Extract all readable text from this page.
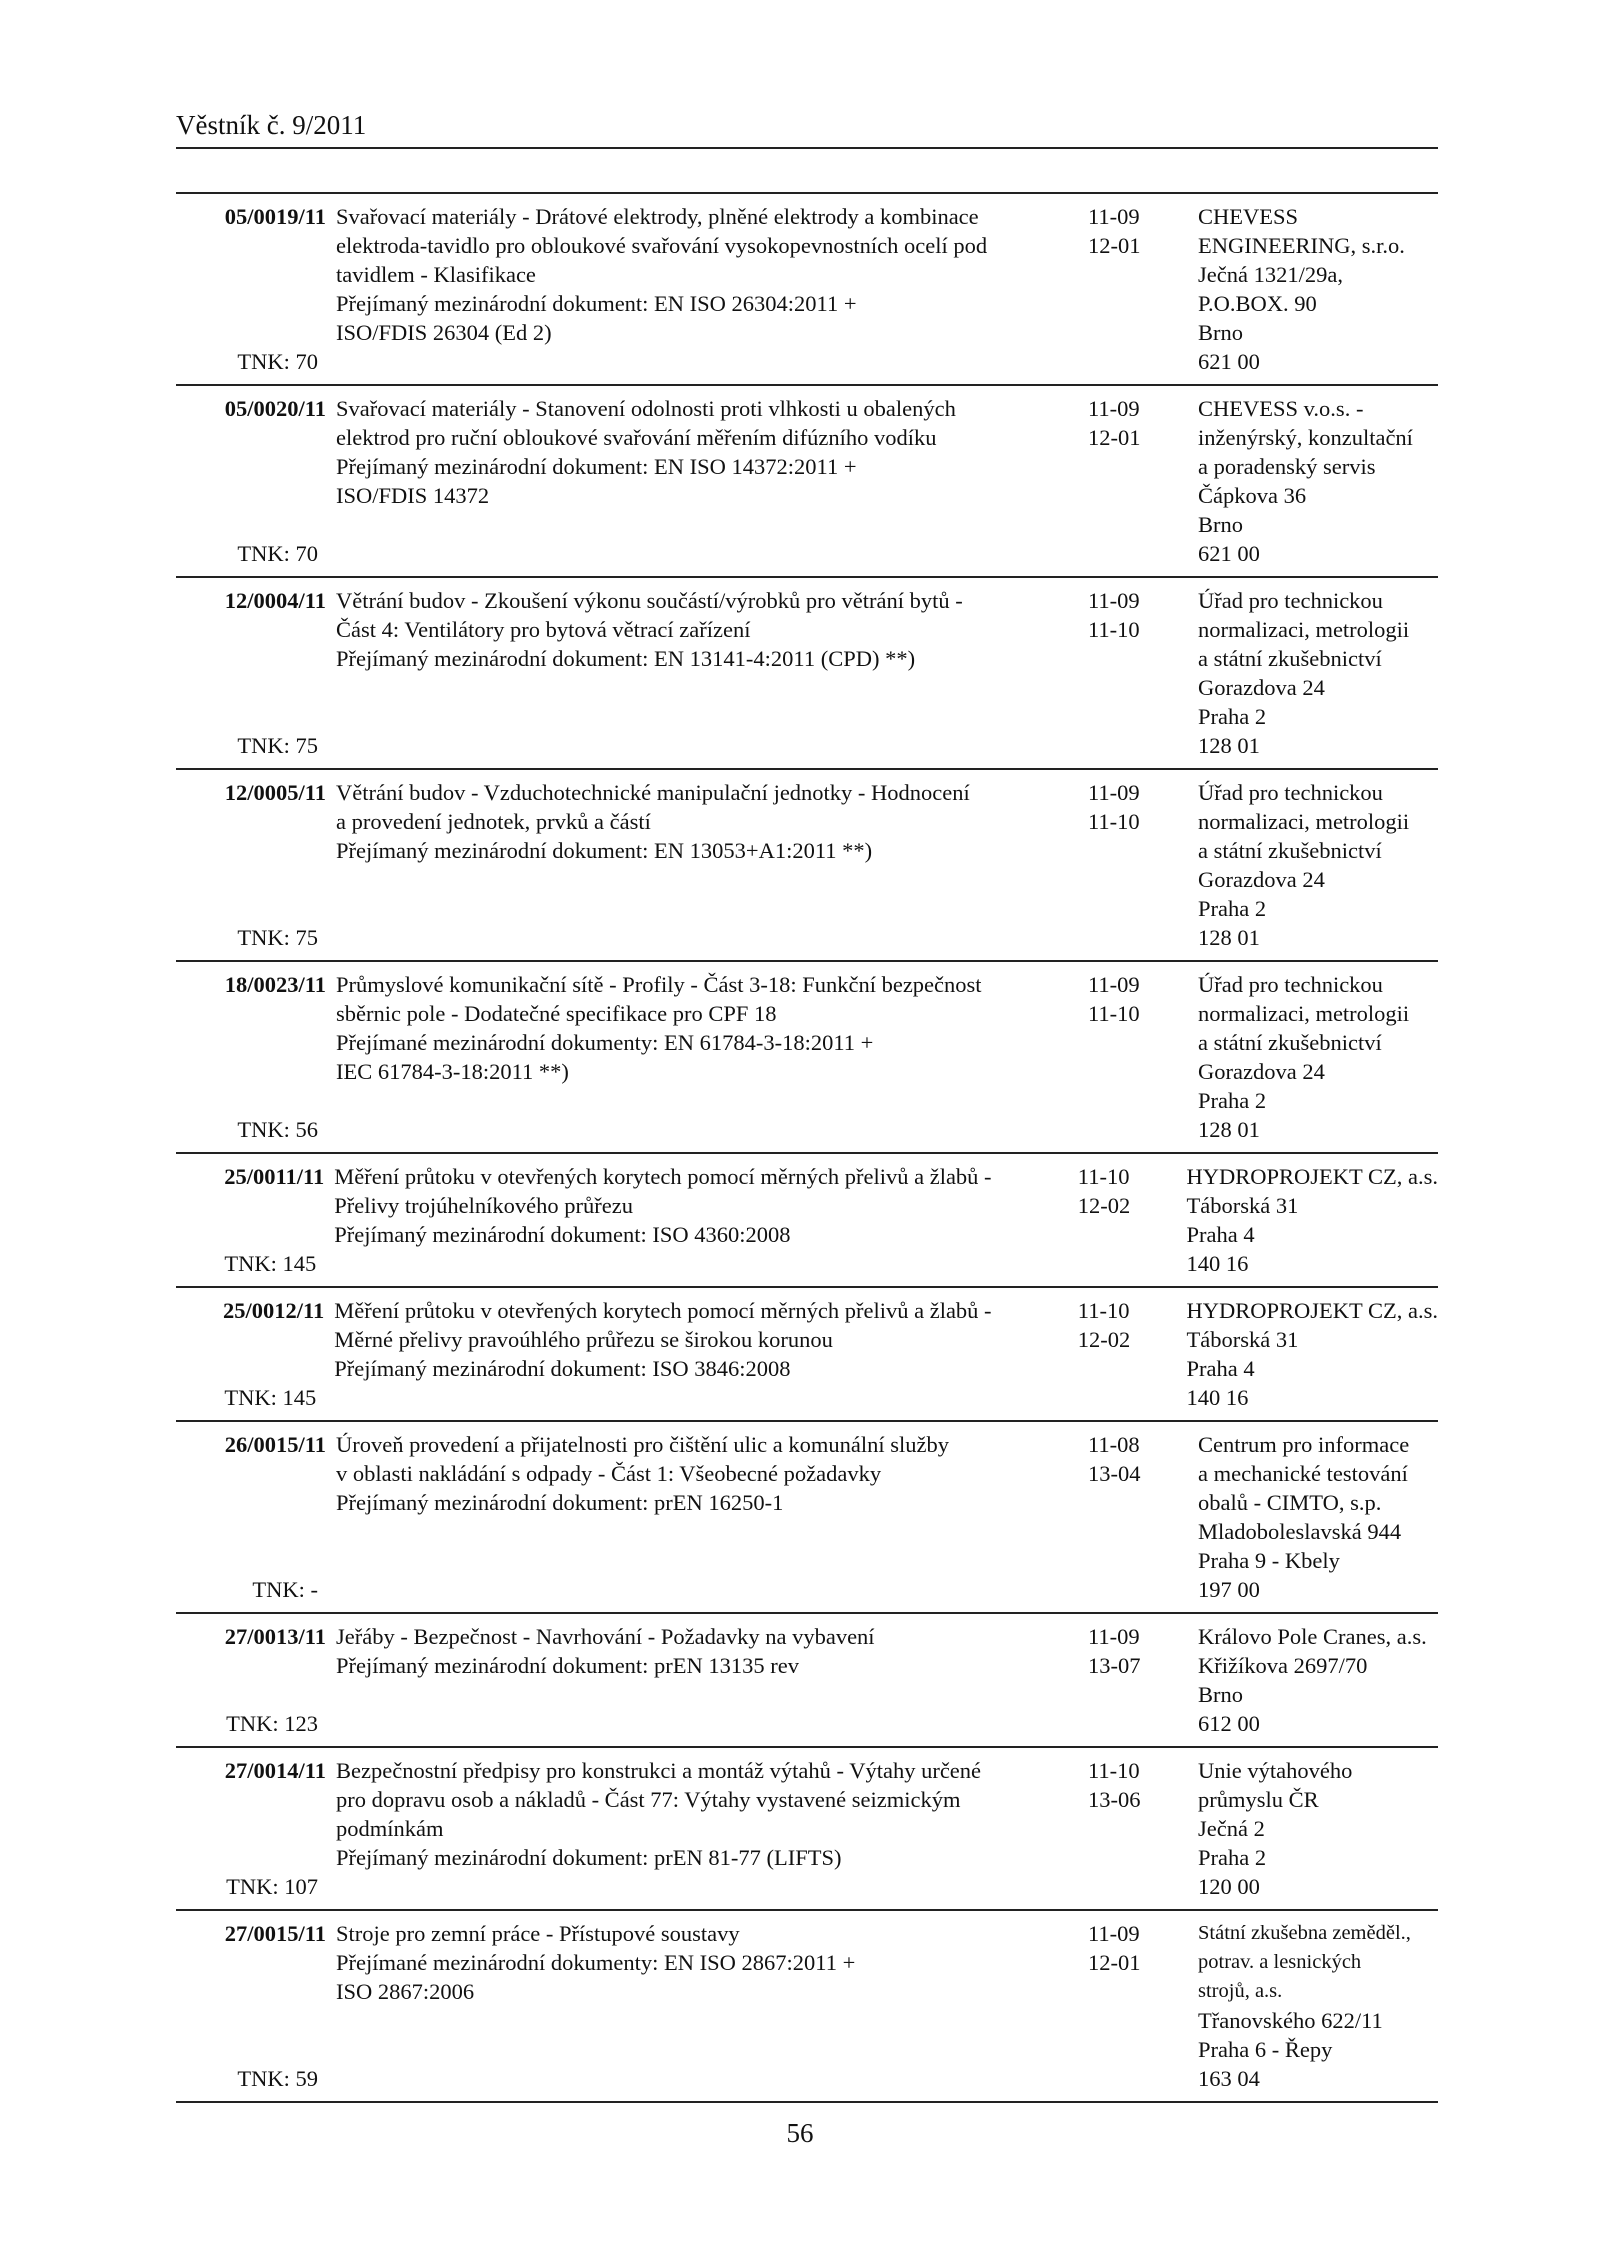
Věstník č. 9/2011
05/0019/11
TNK: 70
Svařovací materiály - Drátové elektrody, plněné elektrody a kombinace
elektroda-tavidlo pro obloukové svařování vysokopevnostních ocelí pod
tavidlem - Klasifikace
Přejímaný mezinárodní dokument: EN ISO 26304:2011 +
ISO/FDIS 26304 (Ed 2)
11-09
12-01
CHEVESS
ENGINEERING, s.r.o.
Ječná 1321/29a,
P.O.BOX. 90
Brno
621 00
05/0020/11
TNK: 70
Svařovací materiály - Stanovení odolnosti proti vlhkosti u obalených
elektrod pro ruční obloukové svařování měřením difúzního vodíku
Přejímaný mezinárodní dokument: EN ISO 14372:2011 +
ISO/FDIS 14372
11-09
12-01
CHEVESS v.o.s. -
inženýrský, konzultační
a poradenský servis
Čápkova 36
Brno
621 00
12/0004/11
TNK: 75
Větrání budov - Zkoušení výkonu součástí/výrobků pro větrání bytů -
Část 4: Ventilátory pro bytová větrací zařízení
Přejímaný mezinárodní dokument: EN 13141-4:2011 (CPD) **)
11-09
11-10
Úřad pro technickou
normalizaci, metrologii
a státní zkušebnictví
Gorazdova 24
Praha 2
128 01
12/0005/11
TNK: 75
Větrání budov - Vzduchotechnické manipulační jednotky - Hodnocení
a provedení jednotek, prvků a částí
Přejímaný mezinárodní dokument: EN 13053+A1:2011 **)
11-09
11-10
Úřad pro technickou
normalizaci, metrologii
a státní zkušebnictví
Gorazdova 24
Praha 2
128 01
18/0023/11
TNK: 56
Průmyslové komunikační sítě - Profily - Část 3-18: Funkční bezpečnost
sběrnic pole - Dodatečné specifikace pro CPF 18
Přejímané mezinárodní dokumenty: EN 61784-3-18:2011 +
IEC 61784-3-18:2011 **)
11-09
11-10
Úřad pro technickou
normalizaci, metrologii
a státní zkušebnictví
Gorazdova 24
Praha 2
128 01
25/0011/11
TNK: 145
Měření průtoku v otevřených korytech pomocí měrných přelivů a žlabů -
Přelivy trojúhelníkového průřezu
Přejímaný mezinárodní dokument: ISO 4360:2008
11-10
12-02
HYDROPROJEKT CZ, a.s.
Táborská 31
Praha 4
140 16
25/0012/11
TNK: 145
Měření průtoku v otevřených korytech pomocí měrných přelivů a žlabů -
Měrné přelivy pravoúhlého průřezu se širokou korunou
Přejímaný mezinárodní dokument: ISO 3846:2008
11-10
12-02
HYDROPROJEKT CZ, a.s.
Táborská 31
Praha 4
140 16
26/0015/11
TNK: -
Úroveň provedení a přijatelnosti pro čištění ulic a komunální služby
v oblasti nakládání s odpady - Část 1: Všeobecné požadavky
Přejímaný mezinárodní dokument: prEN 16250-1
11-08
13-04
Centrum pro informace
a mechanické testování
obalů - CIMTO, s.p.
Mladoboleslavská 944
Praha 9 - Kbely
197 00
27/0013/11
TNK: 123
Jeřáby - Bezpečnost - Navrhování - Požadavky na vybavení
Přejímaný mezinárodní dokument: prEN 13135 rev
11-09
13-07
Královo Pole Cranes, a.s.
Křižíkova 2697/70
Brno
612 00
27/0014/11
TNK: 107
Bezpečnostní předpisy pro konstrukci a montáž výtahů - Výtahy určené
pro dopravu osob a nákladů - Část 77: Výtahy vystavené seizmickým
podmínkám
Přejímaný mezinárodní dokument: prEN 81-77 (LIFTS)
11-10
13-06
Unie výtahového
průmyslu ČR
Ječná 2
Praha 2
120 00
27/0015/11
TNK: 59
Stroje pro zemní práce - Přístupové soustavy
Přejímané mezinárodní dokumenty: EN ISO 2867:2011 +
ISO 2867:2006
11-09
12-01
Státní zkušebna zeměděl.,
potrav. a lesnických
strojů, a.s.
Třanovského 622/11
Praha 6 - Řepy
163 04
56
